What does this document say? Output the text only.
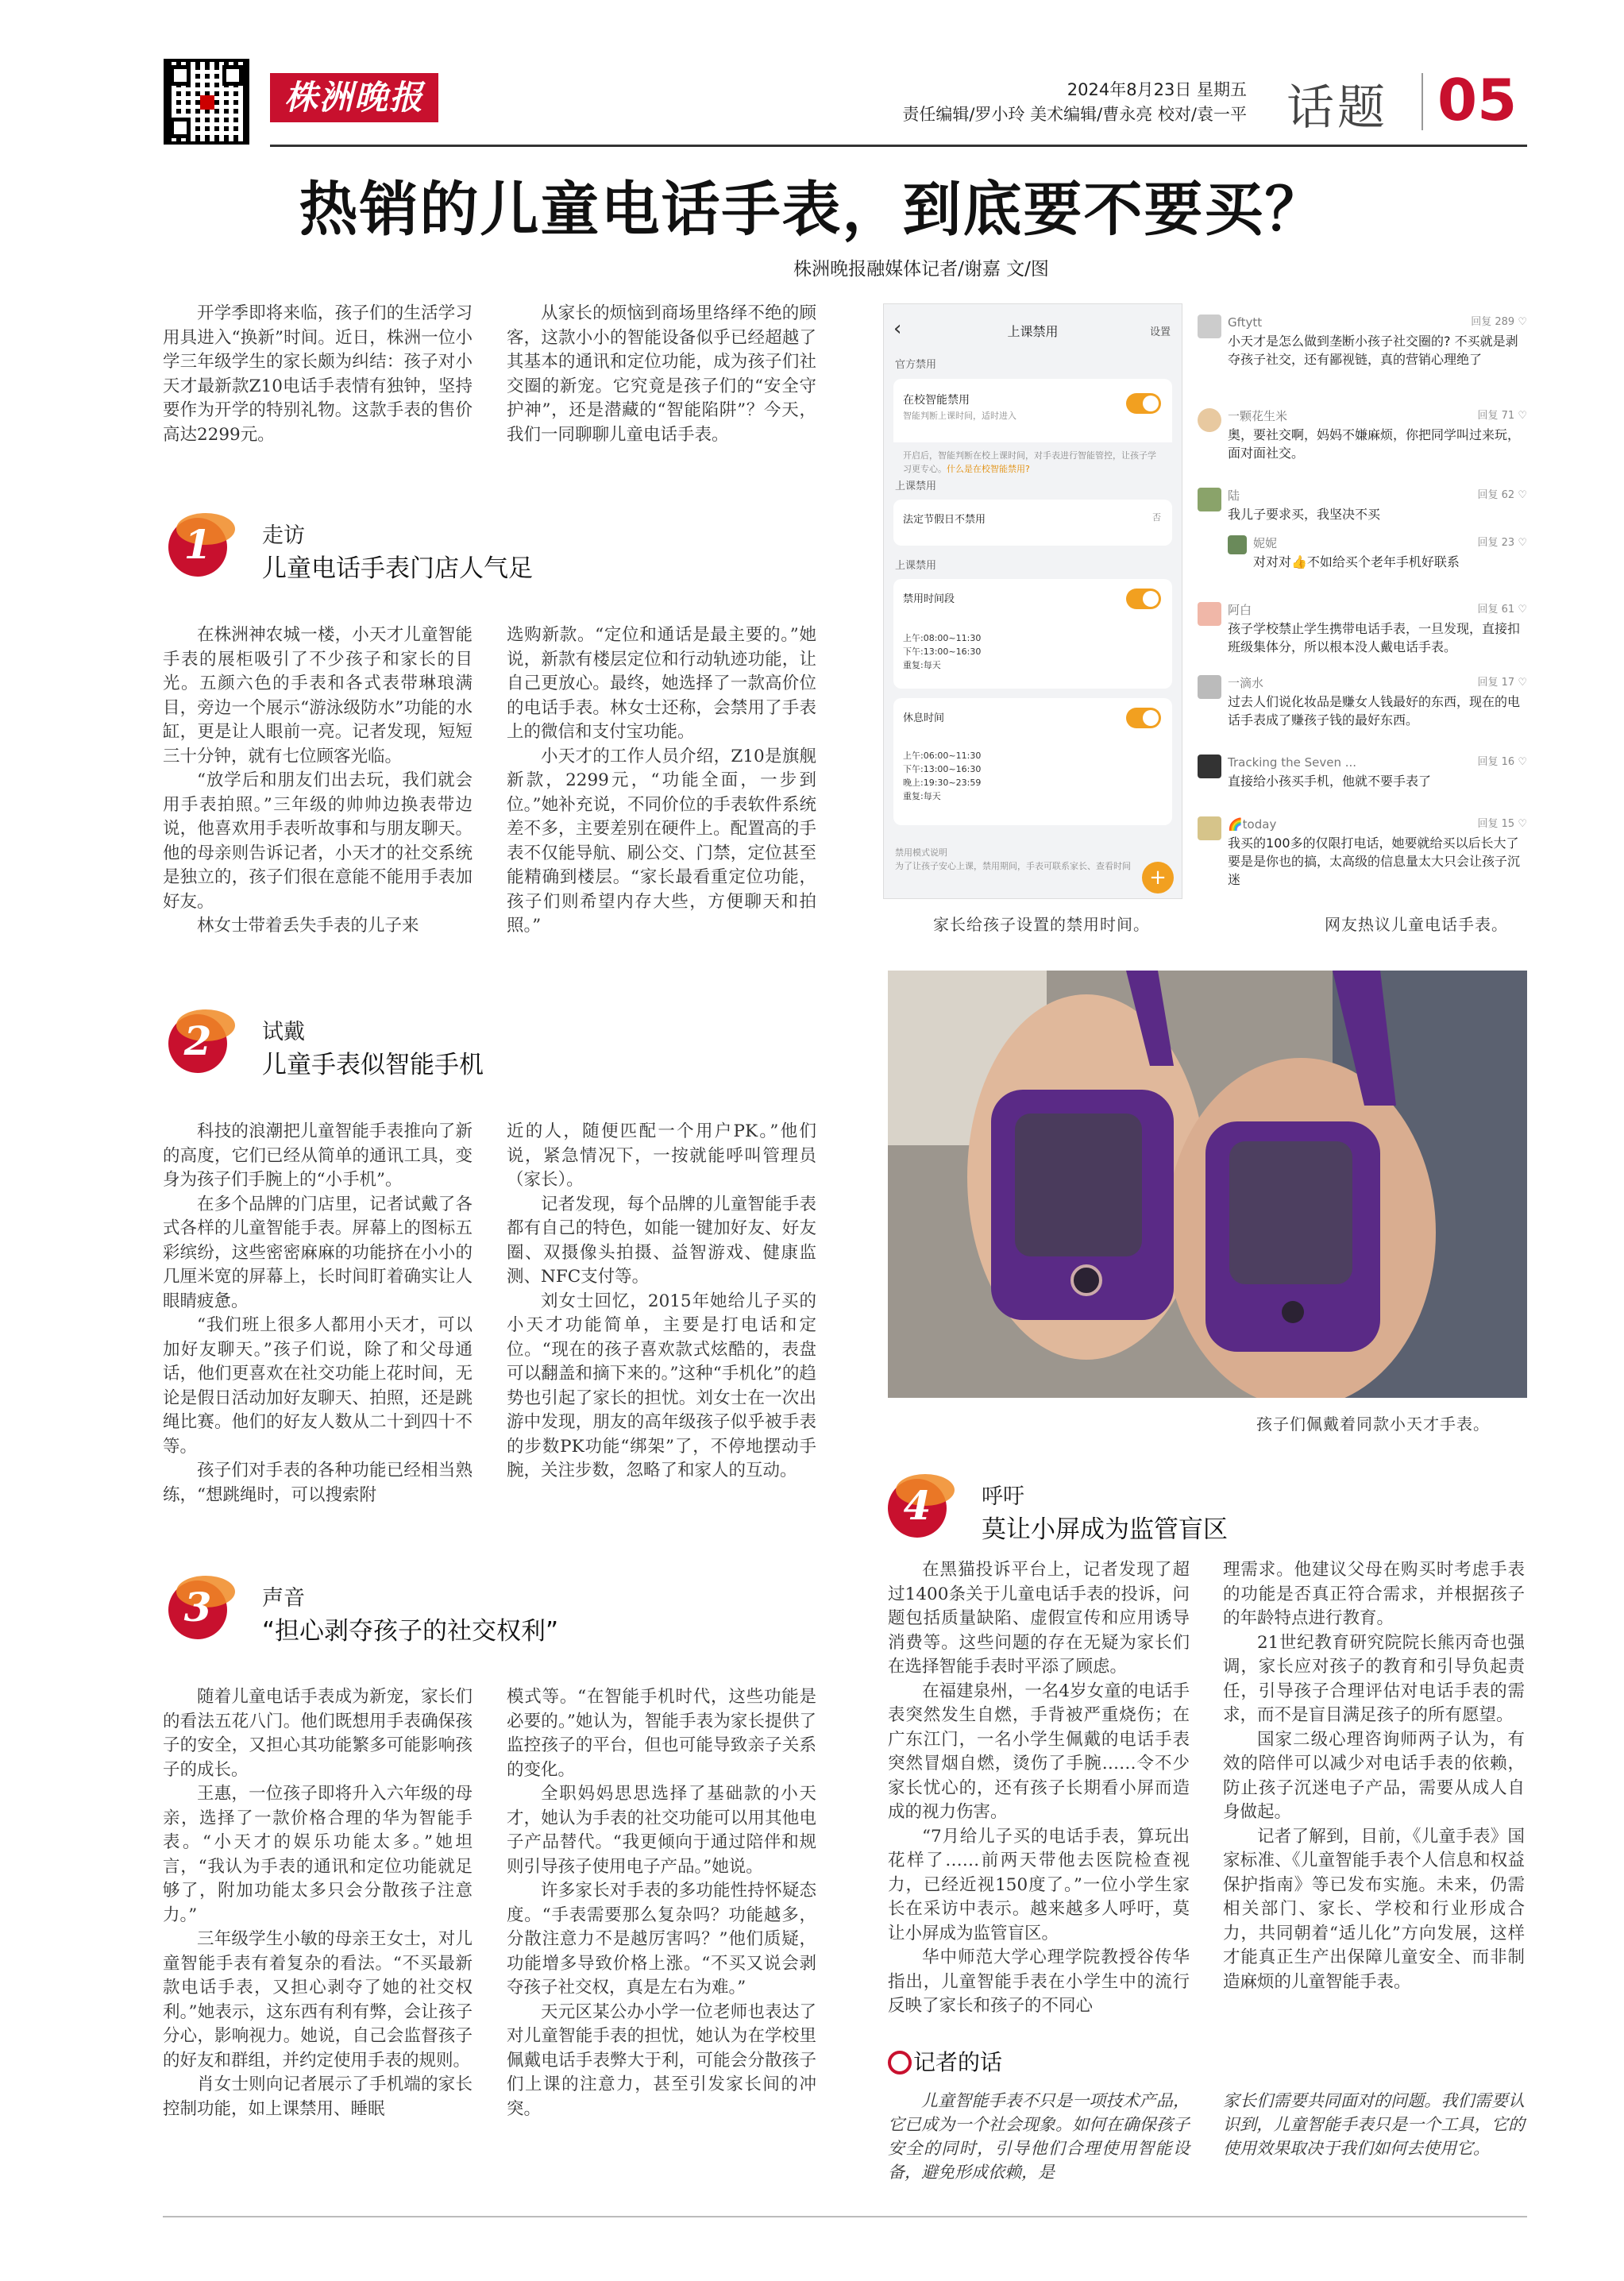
株洲晚报	2024年8月23日 星期五
责任编辑/罗小玲 美术编辑/曹永亮 校对/袁一平 话题 05
热销的儿童电话手表，到底要不要买？
株洲晚报融媒体记者/谢嘉 文/图

开学季即将来临，孩子们的生活学习用具进入“换新”时间。近日，株洲一位小学三年级学生的家长颇为纠结：孩子对小天才最新款Z10电话手表情有独钟，坚持要作为开学的特别礼物。这款手表的售价高达2299元。

从家长的烦恼到商场里络绎不绝的顾客，这款小小的智能设备似乎已经超越了其基本的通讯和定位功能，成为孩子们社交圈的新宠。它究竟是孩子们的“安全守护神”，还是潜藏的“智能陷阱”？今天，我们一同聊聊儿童电话手表。

1	走访
儿童电话手表门店人气足

在株洲神农城一楼，小天才儿童智能手表的展柜吸引了不少孩子和家长的目光。五颜六色的手表和各式表带琳琅满目，旁边一个展示“游泳级防水”功能的水缸，更是让人眼前一亮。记者发现，短短三十分钟，就有七位顾客光临。

“放学后和朋友们出去玩，我们就会用手表拍照。”三年级的帅帅边换表带边说，他喜欢用手表听故事和与朋友聊天。他的母亲则告诉记者，小天才的社交系统是独立的，孩子们很在意能不能用手表加好友。

林女士带着丢失手表的儿子来

选购新款。“定位和通话是最主要的。”她说，新款有楼层定位和行动轨迹功能，让自己更放心。最终，她选择了一款高价位的电话手表。林女士还称，会禁用了手表上的微信和支付宝功能。

小天才的工作人员介绍，Z10是旗舰新款，2299元，“功能全面，一步到位。”她补充说，不同价位的手表软件系统差不多，主要差别在硬件上。配置高的手表不仅能导航、刷公交、门禁，定位甚至能精确到楼层。“家长最看重定位功能，孩子们则希望内存大些，方便聊天和拍照。”

2	试戴
儿童手表似智能手机

科技的浪潮把儿童智能手表推向了新的高度，它们已经从简单的通讯工具，变身为孩子们手腕上的“小手机”。

在多个品牌的门店里，记者试戴了各式各样的儿童智能手表。屏幕上的图标五彩缤纷，这些密密麻麻的功能挤在小小的几厘米宽的屏幕上，长时间盯着确实让人眼睛疲惫。

“我们班上很多人都用小天才，可以加好友聊天。”孩子们说，除了和父母通话，他们更喜欢在社交功能上花时间，无论是假日活动加好友聊天、拍照，还是跳绳比赛。他们的好友人数从二十到四十不等。

孩子们对手表的各种功能已经相当熟练，“想跳绳时，可以搜索附

近的人，随便匹配一个用户PK。”他们说，紧急情况下，一按就能呼叫管理员（家长）。

记者发现，每个品牌的儿童智能手表都有自己的特色，如能一键加好友、好友圈、双摄像头拍摄、益智游戏、健康监测、NFC支付等。

刘女士回忆，2015年她给儿子买的小天才功能简单，主要是打电话和定位。“现在的孩子喜欢款式炫酷的，表盘可以翻盖和摘下来的。”这种“手机化”的趋势也引起了家长的担忧。刘女士在一次出游中发现，朋友的高年级孩子似乎被手表的步数PK功能“绑架”了，不停地摆动手腕，关注步数，忽略了和家人的互动。

3	声音
“担心剥夺孩子的社交权利”

随着儿童电话手表成为新宠，家长们的看法五花八门。他们既想用手表确保孩子的安全，又担心其功能繁多可能影响孩子的成长。

王惠，一位孩子即将升入六年级的母亲，选择了一款价格合理的华为智能手表。“小天才的娱乐功能太多。”她坦言，“我认为手表的通讯和定位功能就足够了，附加功能太多只会分散孩子注意力。”

三年级学生小敏的母亲王女士，对儿童智能手表有着复杂的看法。“不买最新款电话手表，又担心剥夺了她的社交权利。”她表示，这东西有利有弊，会让孩子分心，影响视力。她说，自己会监督孩子的好友和群组，并约定使用手表的规则。

肖女士则向记者展示了手机端的家长控制功能，如上课禁用、睡眠

模式等。“在智能手机时代，这些功能是必要的。”她认为，智能手表为家长提供了监控孩子的平台，但也可能导致亲子关系的变化。

全职妈妈思思选择了基础款的小天才，她认为手表的社交功能可以用其他电子产品替代。“我更倾向于通过陪伴和规则引导孩子使用电子产品。”她说。

许多家长对手表的多功能性持怀疑态度。“手表需要那么复杂吗？功能越多，分散注意力不是越厉害吗？”他们质疑，功能增多导致价格上涨。“不买又说会剥夺孩子社交权，真是左右为难。”

天元区某公办小学一位老师也表达了对儿童智能手表的担忧，她认为在学校里佩戴电话手表弊大于利，可能会分散孩子们上课的注意力，甚至引发家长间的冲突。

‹	上课禁用	设置
官方禁用
在校智能禁用
智能判断上课时间，适时进入
开启后，智能判断在校上课时间，对手表进行智能管控，让孩子学习更专心。什么是在校智能禁用?
上课禁用
法定节假日不禁用	否
上课禁用
禁用时间段
上午:08:00~11:30
下午:13:00~16:30
重复:每天
休息时间
上午:06:00~11:30
下午:13:00~16:30
晚上:19:30~23:59
重复:每天
禁用模式说明
为了让孩子安心上课，禁用期间，手表可联系家长、查看时间 +
家长给孩子设置的禁用时间。
Gftytt	回复 289 ♡
小天才是怎么做到垄断小孩子社交圈的? 不买就是剥夺孩子社交，还有鄙视链，真的营销心理绝了
一颗花生米	回复 71 ♡
奥，要社交啊，妈妈不嫌麻烦，你把同学叫过来玩，面对面社交。
陆	回复 62 ♡
我儿子要求买，我坚决不买
妮妮	回复 23 ♡
对对对👍不如给买个老年手机好联系
阿白	回复 61 ♡
孩子学校禁止学生携带电话手表，一旦发现，直接扣班级集体分，所以根本没人戴电话手表。
一滴水	回复 17 ♡
过去人们说化妆品是赚女人钱最好的东西，现在的电话手表成了赚孩子钱的最好东西。
Tracking the Seven ...	回复 16 ♡
直接给小孩买手机，他就不要手表了
🌈today	回复 15 ♡
我买的100多的仅限打电话，她要就给买以后长大了要是是你也的搞，太高级的信息量太大只会让孩子沉迷
网友热议儿童电话手表。
孩子们佩戴着同款小天才手表。
4	呼吁
莫让小屏成为监管盲区

在黑猫投诉平台上，记者发现了超过1400条关于儿童电话手表的投诉，问题包括质量缺陷、虚假宣传和应用诱导消费等。这些问题的存在无疑为家长们在选择智能手表时平添了顾虑。

在福建泉州，一名4岁女童的电话手表突然发生自燃，手背被严重烧伤；在广东江门，一名小学生佩戴的电话手表突然冒烟自燃，烫伤了手腕……令不少家长忧心的，还有孩子长期看小屏而造成的视力伤害。

“7月给儿子买的电话手表，算玩出花样了……前两天带他去医院检查视力，已经近视150度了。”一位小学生家长在采访中表示。越来越多人呼吁，莫让小屏成为监管盲区。

华中师范大学心理学院教授谷传华指出，儿童智能手表在小学生中的流行反映了家长和孩子的不同心

理需求。他建议父母在购买时考虑手表的功能是否真正符合需求，并根据孩子的年龄特点进行教育。

21世纪教育研究院院长熊丙奇也强调，家长应对孩子的教育和引导负起责任，引导孩子合理评估对电话手表的需求，而不是盲目满足孩子的所有愿望。

国家二级心理咨询师两子认为，有效的陪伴可以减少对电话手表的依赖，防止孩子沉迷电子产品，需要从成人自身做起。

记者了解到，目前，《儿童手表》国家标准、《儿童智能手表个人信息和权益保护指南》等已发布实施。未来，仍需相关部门、家长、学校和行业形成合力，共同朝着“适儿化”方向发展，这样才能真正生产出保障儿童安全、而非制造麻烦的儿童智能手表。

记者的话
儿童智能手表不只是一项技术产品，它已成为一个社会现象。如何在确保孩子安全的同时，引导他们合理使用智能设备，避免形成依赖，是
家长们需要共同面对的问题。我们需要认识到，儿童智能手表只是一个工具，它的使用效果取决于我们如何去使用它。
